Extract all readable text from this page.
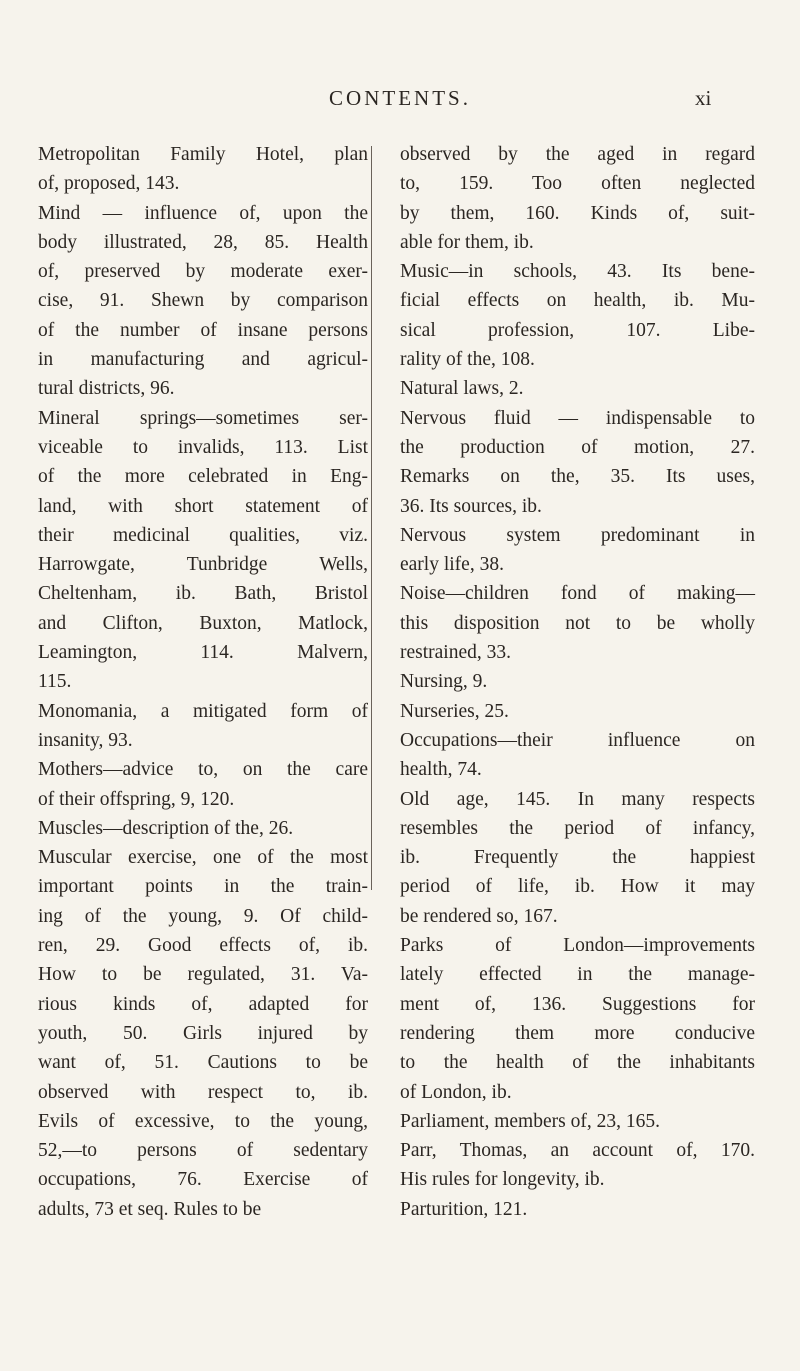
CONTENTS.	xi
Metropolitan Family Hotel, plan
of, proposed, 143.
Mind — influence of, upon the
body illustrated, 28, 85. Health
of, preserved by moderate exer-
cise, 91. Shewn by comparison
of the number of insane persons
in manufacturing and agricul-
tural districts, 96.
Mineral springs—sometimes ser-
viceable to invalids, 113. List
of the more celebrated in Eng-
land, with short statement of
their medicinal qualities, viz.
Harrowgate, Tunbridge Wells,
Cheltenham, ib. Bath, Bristol
and Clifton, Buxton, Matlock,
Leamington, 114. Malvern,
115.
Monomania, a mitigated form of
insanity, 93.
Mothers—advice to, on the care
of their offspring, 9, 120.
Muscles—description of the, 26.
Muscular exercise, one of the most
important points in the train-
ing of the young, 9. Of child-
ren, 29. Good effects of, ib.
How to be regulated, 31. Va-
rious kinds of, adapted for
youth, 50. Girls injured by
want of, 51. Cautions to be
observed with respect to, ib.
Evils of excessive, to the young,
52,—to persons of sedentary
occupations, 76. Exercise of
adults, 73 et seq. Rules to be
observed by the aged in regard
to, 159. Too often neglected
by them, 160. Kinds of, suit-
able for them, ib.
Music—in schools, 43. Its bene-
ficial effects on health, ib. Mu-
sical profession, 107. Libe-
rality of the, 108.
Natural laws, 2.
Nervous fluid — indispensable to
the production of motion, 27.
Remarks on the, 35. Its uses,
36. Its sources, ib.
Nervous system predominant in
early life, 38.
Noise—children fond of making—
this disposition not to be wholly
restrained, 33.
Nursing, 9.
Nurseries, 25.
Occupations—their influence on
health, 74.
Old age, 145. In many respects
resembles the period of infancy,
ib. Frequently the happiest
period of life, ib. How it may
be rendered so, 167.
Parks of London—improvements
lately effected in the manage-
ment of, 136. Suggestions for
rendering them more conducive
to the health of the inhabitants
of London, ib.
Parliament, members of, 23, 165.
Parr, Thomas, an account of, 170.
His rules for longevity, ib.
Parturition, 121.
